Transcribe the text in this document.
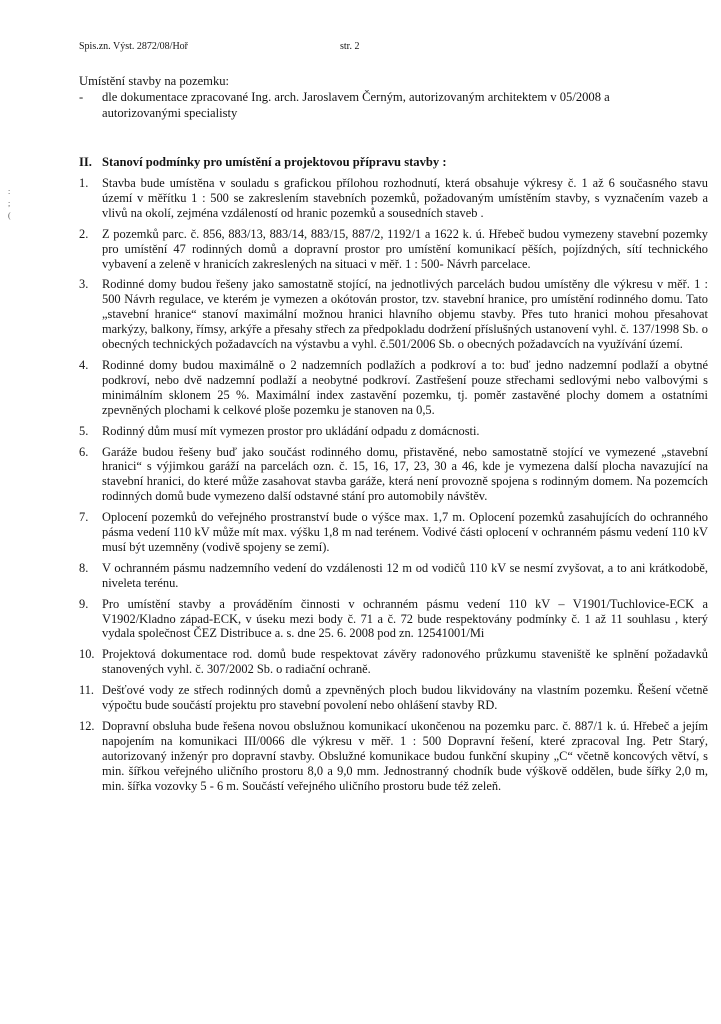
Spis.zn. Výst. 2872/08/Hoř	str. 2
:
;
(
Umístění stavby na pozemku:
-	dle dokumentace zpracované Ing. arch. Jaroslavem Černým, autorizovaným architektem v 05/2008 a autorizovanými specialisty
II. Stanoví podmínky pro umístění a projektovou přípravu stavby :
1.	Stavba bude umístěna v souladu s grafickou přílohou rozhodnutí, která obsahuje výkresy č. 1 až 6 současného stavu území v měřítku 1 : 500 se zakreslením stavebních pozemků, požadovaným umístěním stavby, s vyznačením vazeb a vlivů na okolí, zejména vzdáleností od hranic pozemků a sousedních staveb .
2.	Z pozemků parc. č. 856, 883/13, 883/14, 883/15, 887/2, 1192/1 a 1622 k. ú. Hřebeč budou vymezeny stavební pozemky pro umístění 47 rodinných domů a dopravní prostor pro umístění komunikací pěších, pojízdných, sítí technického vybavení a zeleně v hranicích zakreslených na situaci v měř. 1 : 500- Návrh parcelace.
3.	Rodinné domy budou řešeny jako samostatně stojící, na jednotlivých parcelách budou umístěny dle výkresu v měř. 1 : 500 Návrh regulace, ve kterém je vymezen a okótován prostor, tzv. stavební hranice, pro umístění rodinného domu. Tato „stavební hranice“ stanoví maximální možnou hranici hlavního objemu stavby. Přes tuto hranici mohou přesahovat markýzy, balkony, římsy, arkýře a přesahy střech za předpokladu dodržení příslušných ustanovení vyhl. č. 137/1998 Sb. o obecných technických požadavcích na výstavbu a vyhl. č.501/2006 Sb. o obecných požadavcích na využívání území.
4.	Rodinné domy budou maximálně o 2 nadzemních podlažích a podkroví a to: buď jedno nadzemní podlaží a obytné podkroví, nebo dvě nadzemní podlaží a neobytné podkroví. Zastřešení pouze střechami sedlovými nebo valbovými s minimálním sklonem 25 %. Maximální index zastavění pozemku, tj. poměr zastavěné plochy domem a ostatními zpevněných plochami k celkové ploše pozemku je stanoven na 0,5.
5.	Rodinný dům musí mít vymezen prostor pro ukládání odpadu z domácnosti.
6.	Garáže budou řešeny buď jako součást rodinného domu, přistavěné, nebo samostatně stojící ve vymezené „stavební hranici“ s výjimkou garáží na parcelách ozn. č. 15, 16, 17, 23, 30 a 46, kde je vymezena další plocha navazující na stavební hranici, do které může zasahovat stavba garáže, která není provozně spojena s rodinným domem. Na pozemcích rodinných domů bude vymezeno další odstavné stání pro automobily návštěv.
7.	Oplocení pozemků do veřejného prostranství bude o výšce max. 1,7 m. Oplocení pozemků zasahujících do ochranného pásma vedení 110 kV může mít max. výšku 1,8 m nad terénem. Vodivé části oplocení v ochranném pásmu vedení 110 kV musí být uzemněny (vodivě spojeny se zemí).
8.	V ochranném pásmu nadzemního vedení do vzdálenosti 12 m od vodičů 110 kV se nesmí zvyšovat, a to ani krátkodobě, niveleta terénu.
9.	Pro umístění stavby a prováděním činnosti v ochranném pásmu vedení 110 kV – V1901/Tuchlovice-ECK a V1902/Kladno západ-ECK, v úseku mezi body č. 71 a č. 72 bude respektovány podmínky č. 1 až 11 souhlasu , který vydala společnost ČEZ Distribuce a. s. dne 25. 6. 2008 pod zn. 12541001/Mi
10. Projektová dokumentace rod. domů bude respektovat závěry radonového průzkumu staveniště ke splnění požadavků stanovených vyhl. č. 307/2002 Sb. o radiační ochraně.
11. Dešťové vody ze střech rodinných domů a zpevněných ploch budou likvidovány na vlastním pozemku. Řešení včetně výpočtu bude součástí projektu pro stavební povolení nebo ohlášení stavby RD.
12. Dopravní obsluha bude řešena novou obslužnou komunikací ukončenou na pozemku parc. č. 887/1 k. ú. Hřebeč a jejím napojením na komunikaci III/0066 dle výkresu v měř. 1 : 500 Dopravní řešení, které zpracoval Ing. Petr Starý, autorizovaný inženýr pro dopravní stavby. Obslužné komunikace budou funkční skupiny „C“ včetně koncových větví, s min. šířkou veřejného uličního prostoru 8,0 a 9,0 mm. Jednostranný chodník bude výškově oddělen, bude šířky 2,0 m, min. šířka vozovky 5 - 6 m. Součástí veřejného uličního prostoru bude též zeleň.
